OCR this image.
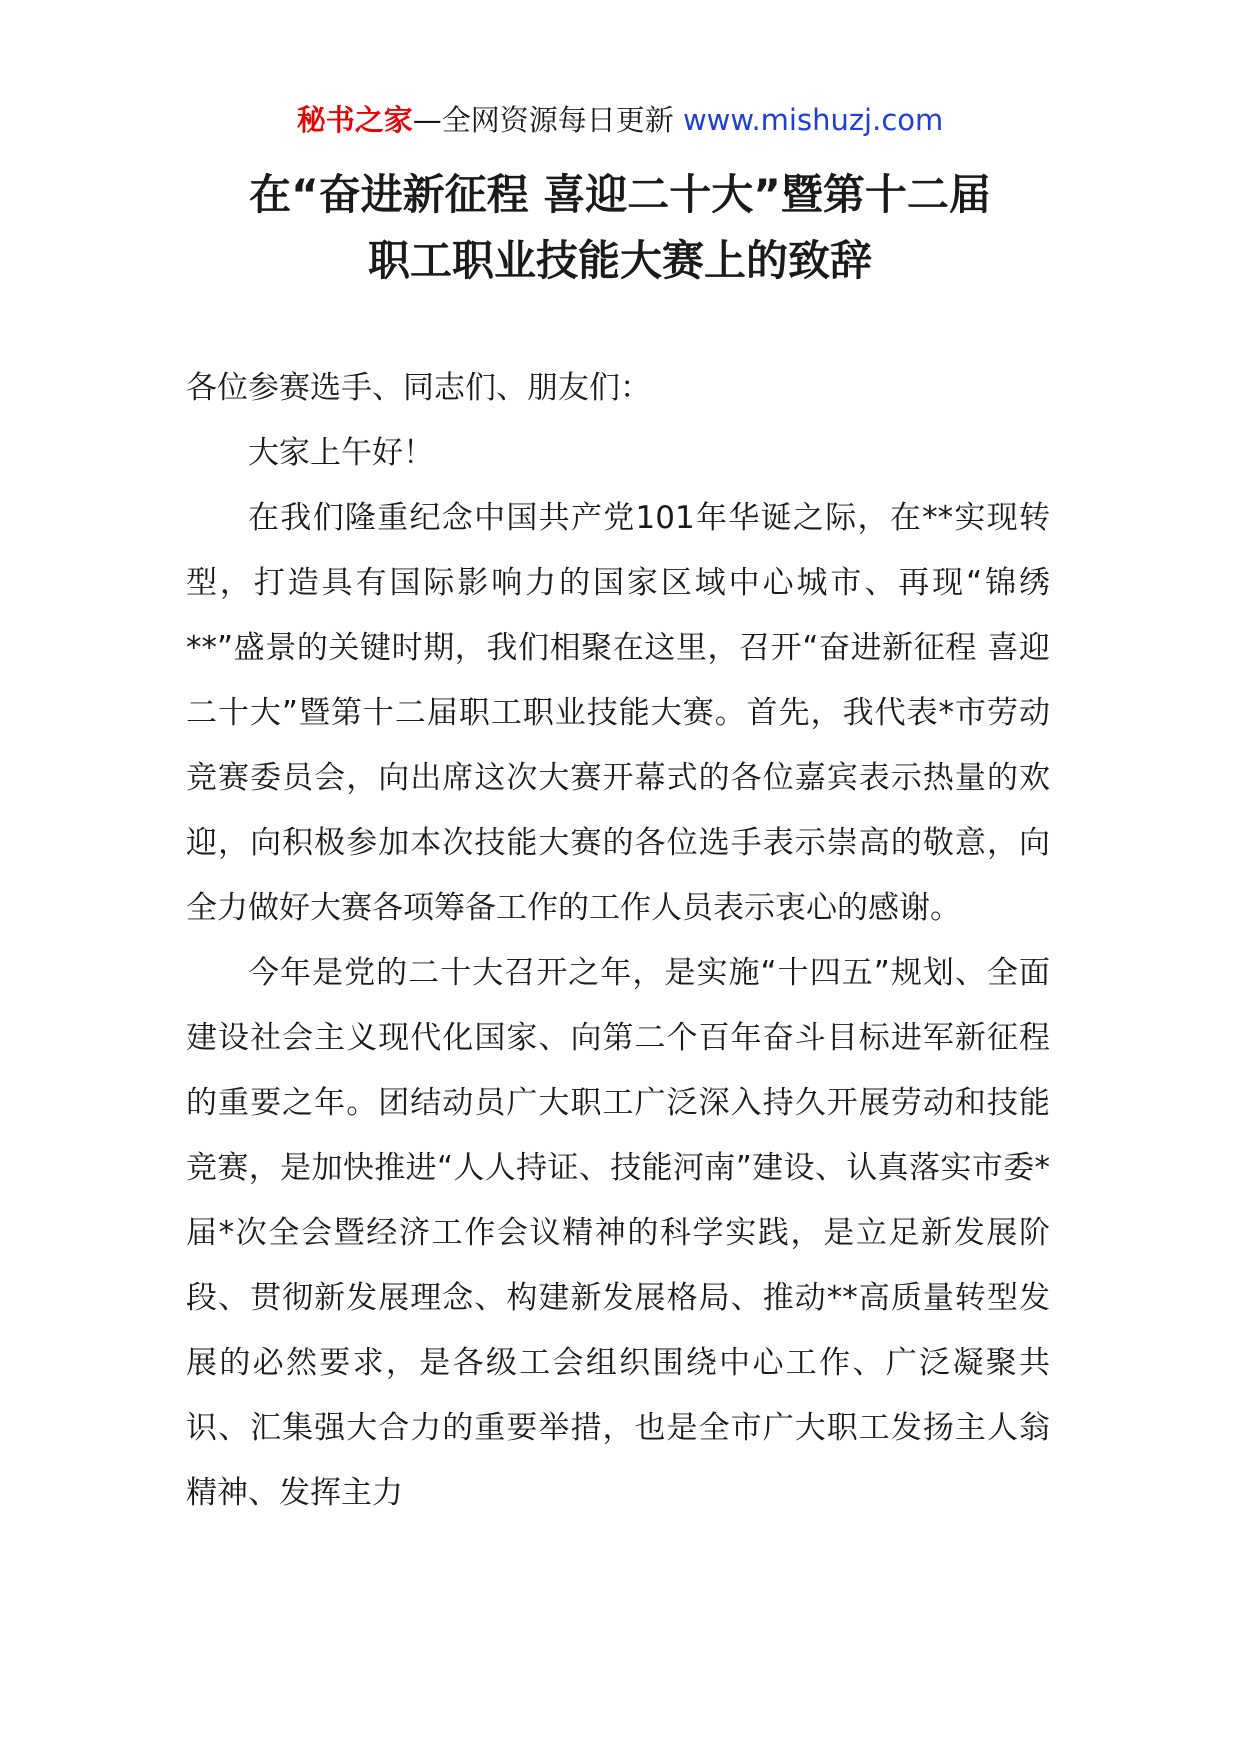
秘书之家—全网资源每日更新 www.mishuzj.com
在“奋进新征程 喜迎二十大”暨第十二届
职工职业技能大赛上的致辞

各位参赛选手、同志们、朋友们：

大家上午好！

在我们隆重纪念中国共产党101年华诞之际，在**实现转型，打造具有国际影响力的国家区域中心城市、再现“锦绣**”盛景的关键时期，我们相聚在这里，召开“奋进新征程 喜迎二十大”暨第十二届职工职业技能大赛。首先，我代表*市劳动竞赛委员会，向出席这次大赛开幕式的各位嘉宾表示热量的欢迎，向积极参加本次技能大赛的各位选手表示崇高的敬意，向全力做好大赛各项筹备工作的工作人员表示衷心的感谢。

今年是党的二十大召开之年，是实施“十四五”规划、全面建设社会主义现代化国家、向第二个百年奋斗目标进军新征程的重要之年。团结动员广大职工广泛深入持久开展劳动和技能竞赛，是加快推进“人人持证、技能河南”建设、认真落实市委*届*次全会暨经济工作会议精神的科学实践，是立足新发展阶段、贯彻新发展理念、构建新发展格局、推动**高质量转型发展的必然要求，是各级工会组织围绕中心工作、广泛凝聚共识、汇集强大合力的重要举措，也是全市广大职工发扬主人翁精神、发挥主力
